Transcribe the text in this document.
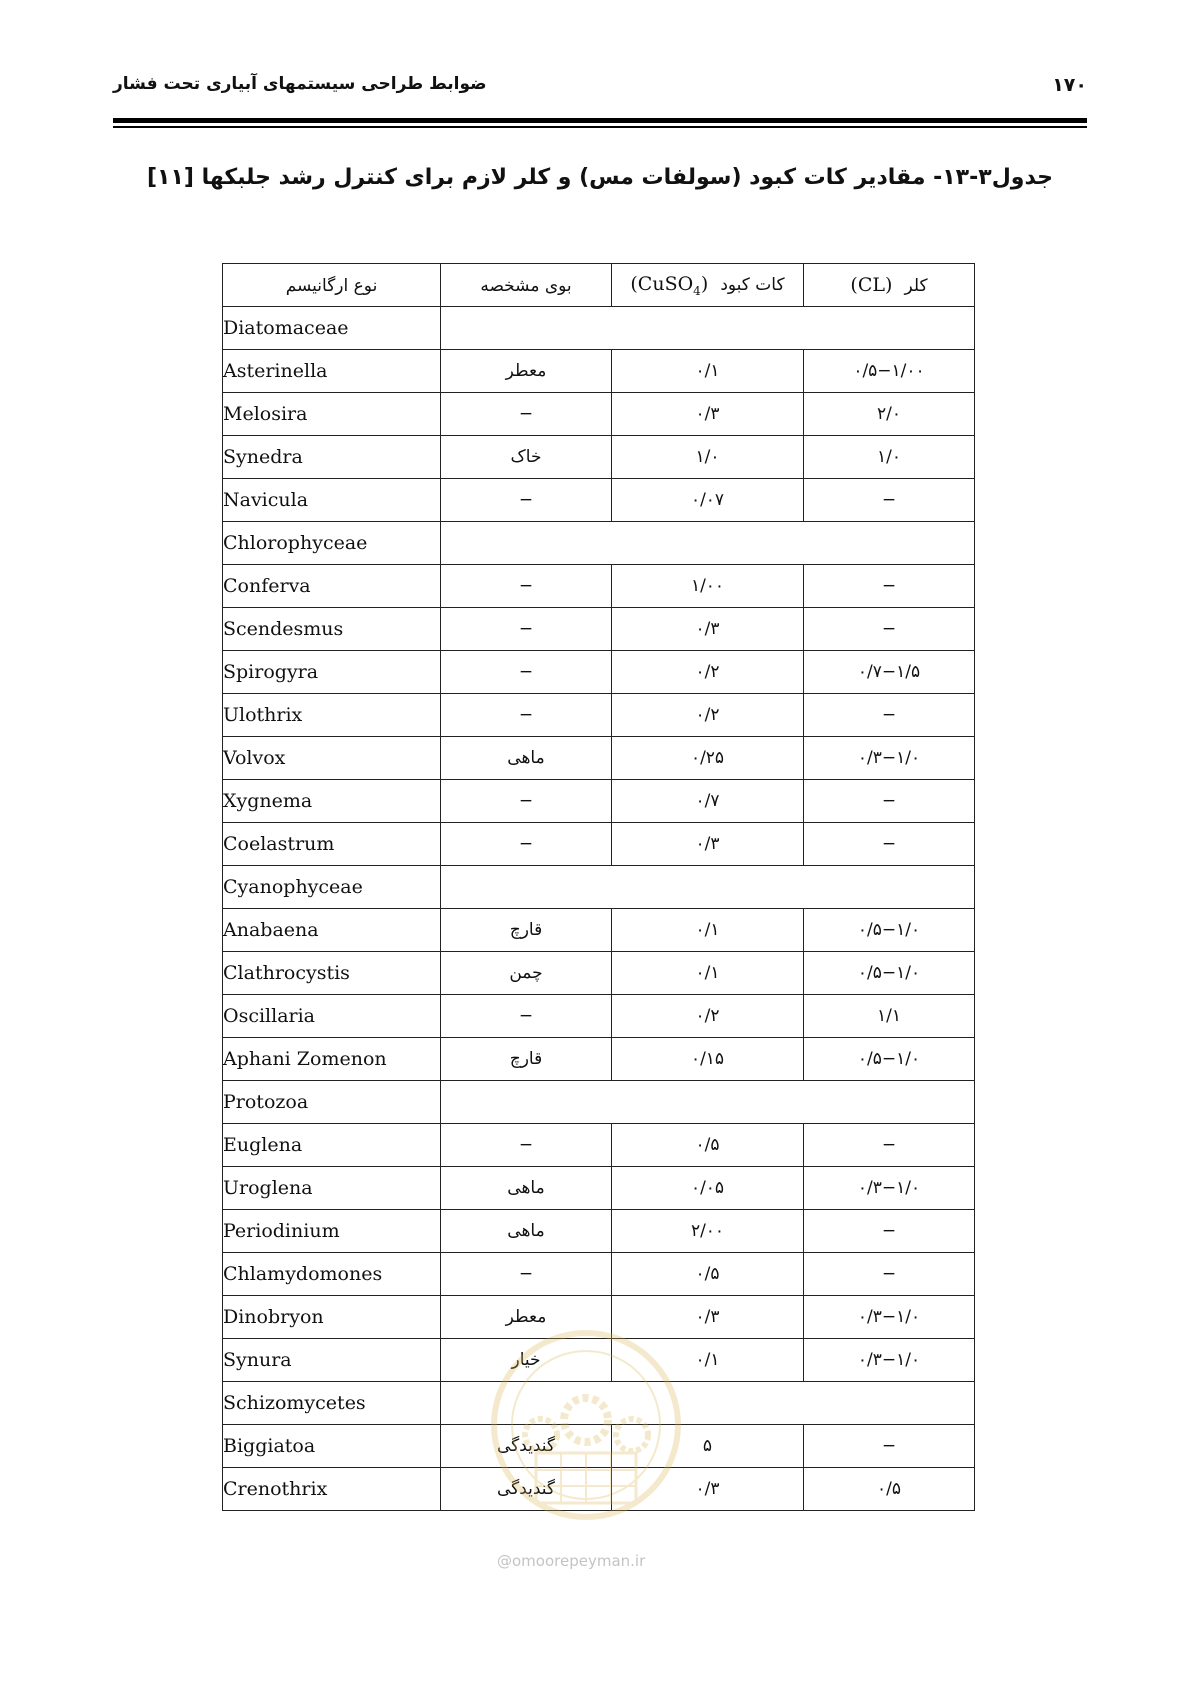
۱۷۰
ضوابط طراحی سیستمهای آبیاری تحت فشار
جدول۳-۱۳- مقادیر کات کبود (سولفات مس) و کلر لازم برای کنترل رشد جلبکها [۱۱]
نوع ارگانیسم	بوی مشخصه	کات کبود  (CuSO$_4$)	کلر  (CL)
Diatomaceae			
Asterinella	معطر	۰/۱	۰/۵−۱/۰۰
Melosira	−	۰/۳	۲/۰
Synedra	خاک	۱/۰	۱/۰
Navicula	−	۰/۰۷	−
Chlorophyceae			
Conferva	−	۱/۰۰	−
Scendesmus	−	۰/۳	−
Spirogyra	−	۰/۲	۰/۷−۱/۵
Ulothrix	−	۰/۲	−
Volvox	ماهی	۰/۲۵	۰/۳−۱/۰
Xygnema	−	۰/۷	−
Coelastrum	−	۰/۳	−
Cyanophyceae			
Anabaena	قارچ	۰/۱	۰/۵−۱/۰
Clathrocystis	چمن	۰/۱	۰/۵−۱/۰
Oscillaria	−	۰/۲	۱/۱
Aphani Zomenon	قارچ	۰/۱۵	۰/۵−۱/۰
Protozoa			
Euglena	−	۰/۵	−
Uroglena	ماهی	۰/۰۵	۰/۳−۱/۰
Periodinium	ماهی	۲/۰۰	−
Chlamydomones	−	۰/۵	−
Dinobryon	معطر	۰/۳	۰/۳−۱/۰
Synura	خیار	۰/۱	۰/۳−۱/۰
Schizomycetes			
Biggiatoa	گندیدگی	۵	−
Crenothrix	گندیدگی	۰/۳	۰/۵
@omoorepeyman.ir
